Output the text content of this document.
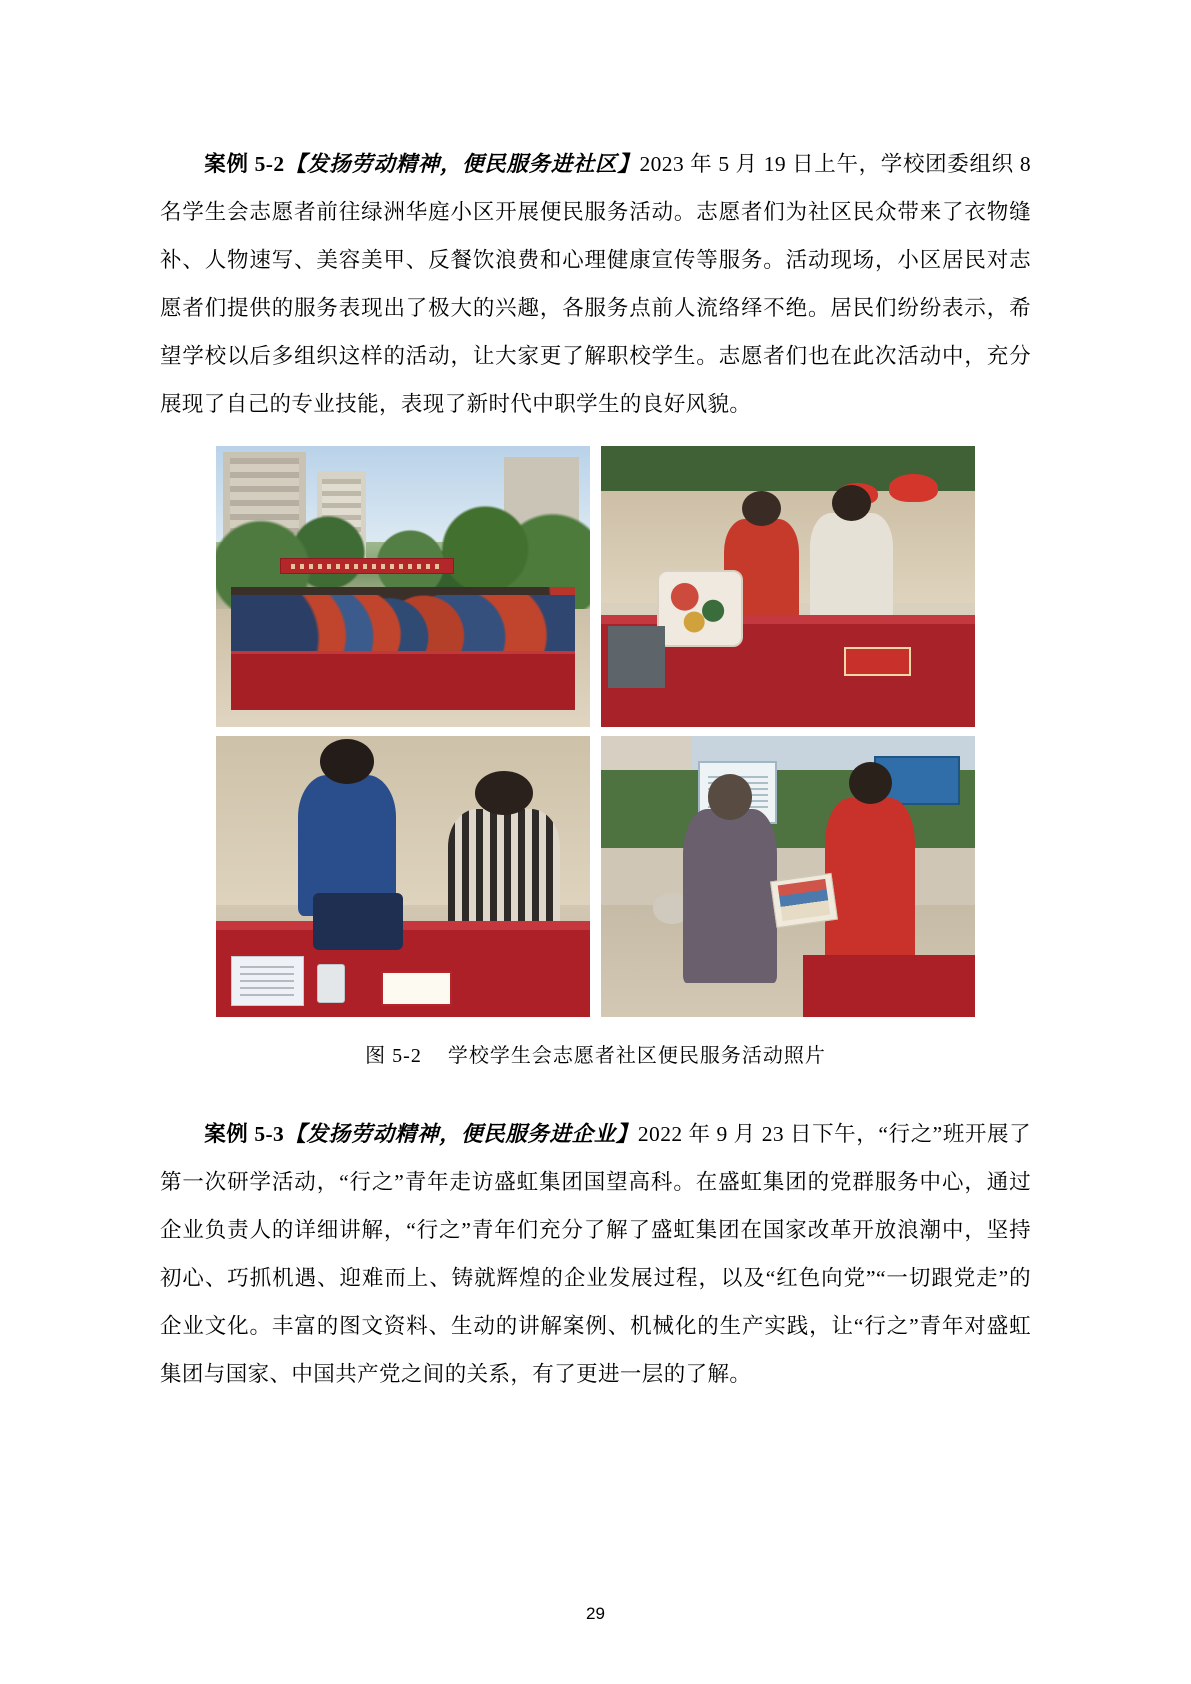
案例 5-2【发扬劳动精神，便民服务进社区】2023 年 5 月 19 日上午，学校团委组织 8 名学生会志愿者前往绿洲华庭小区开展便民服务活动。志愿者们为社区民众带来了衣物缝补、人物速写、美容美甲、反餐饮浪费和心理健康宣传等服务。活动现场，小区居民对志愿者们提供的服务表现出了极大的兴趣，各服务点前人流络绎不绝。居民们纷纷表示，希望学校以后多组织这样的活动，让大家更了解职校学生。志愿者们也在此次活动中，充分展现了自己的专业技能，表现了新时代中职学生的良好风貌。

图 5-2 学校学生会志愿者社区便民服务活动照片

案例 5-3【发扬劳动精神，便民服务进企业】2022 年 9 月 23 日下午，“行之”班开展了第一次研学活动，“行之”青年走访盛虹集团国望高科。在盛虹集团的党群服务中心，通过企业负责人的详细讲解，“行之”青年们充分了解了盛虹集团在国家改革开放浪潮中，坚持初心、巧抓机遇、迎难而上、铸就辉煌的企业发展过程，以及“红色向党”“一切跟党走”的企业文化。丰富的图文资料、生动的讲解案例、机械化的生产实践，让“行之”青年对盛虹集团与国家、中国共产党之间的关系，有了更进一层的了解。

29
